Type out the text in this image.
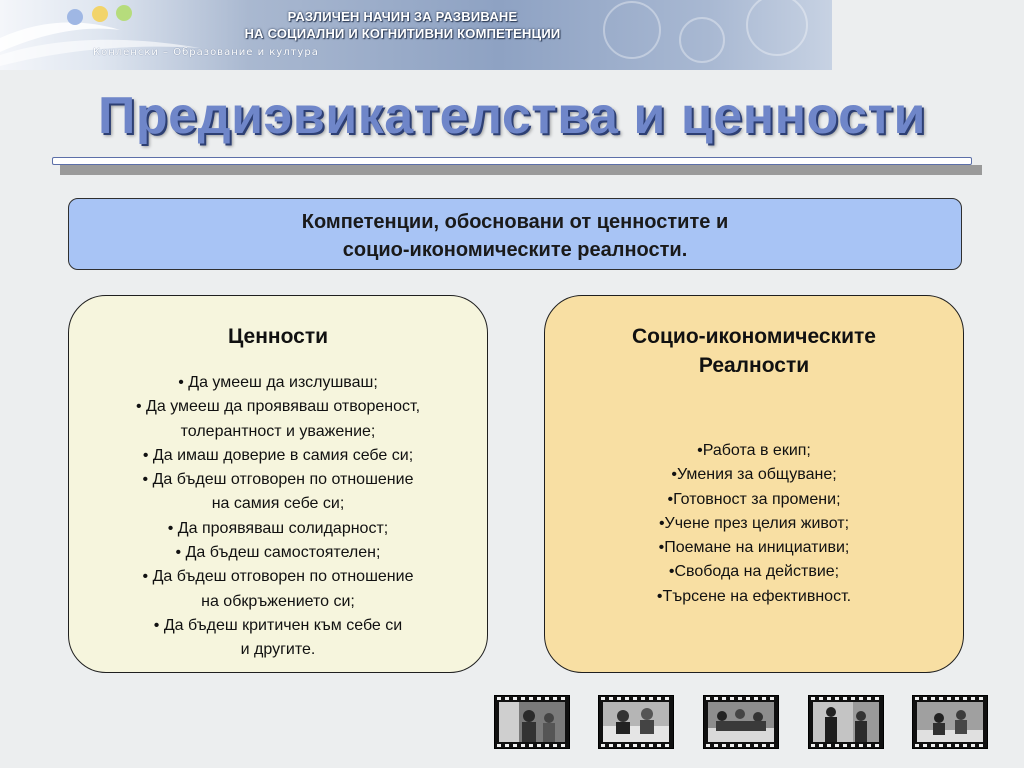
РАЗЛИЧЕН НАЧИН ЗА РАЗВИВАНЕ
НА СОЦИАЛНИ И КОГНИТИВНИ КОМПЕТЕНЦИИ
Конленски – Образование и култура
Предиэвикателства и ценности
Компетенции, обосновани от ценностите и
социо-икономическите реалности.
Ценности
• Да умееш да изслушваш;
• Да умееш да проявяваш отвореност,
толерантност и уважение;
• Да имаш доверие в самия себе си;
• Да бъдеш отговорен по отношение
на самия себе си;
• Да проявяваш солидарност;
• Да бъдеш самостоятелен;
• Да бъдеш отговорен по отношение
на обкръжението си;
• Да бъдеш критичен към себе си
и другите.
Социо-икономическите
Реалности
•Работа в екип;
•Умения за общуване;
•Готовност за промени;
•Учене през целия живот;
•Поемане на инициативи;
•Свобода на действие;
•Търсене на ефективност.
